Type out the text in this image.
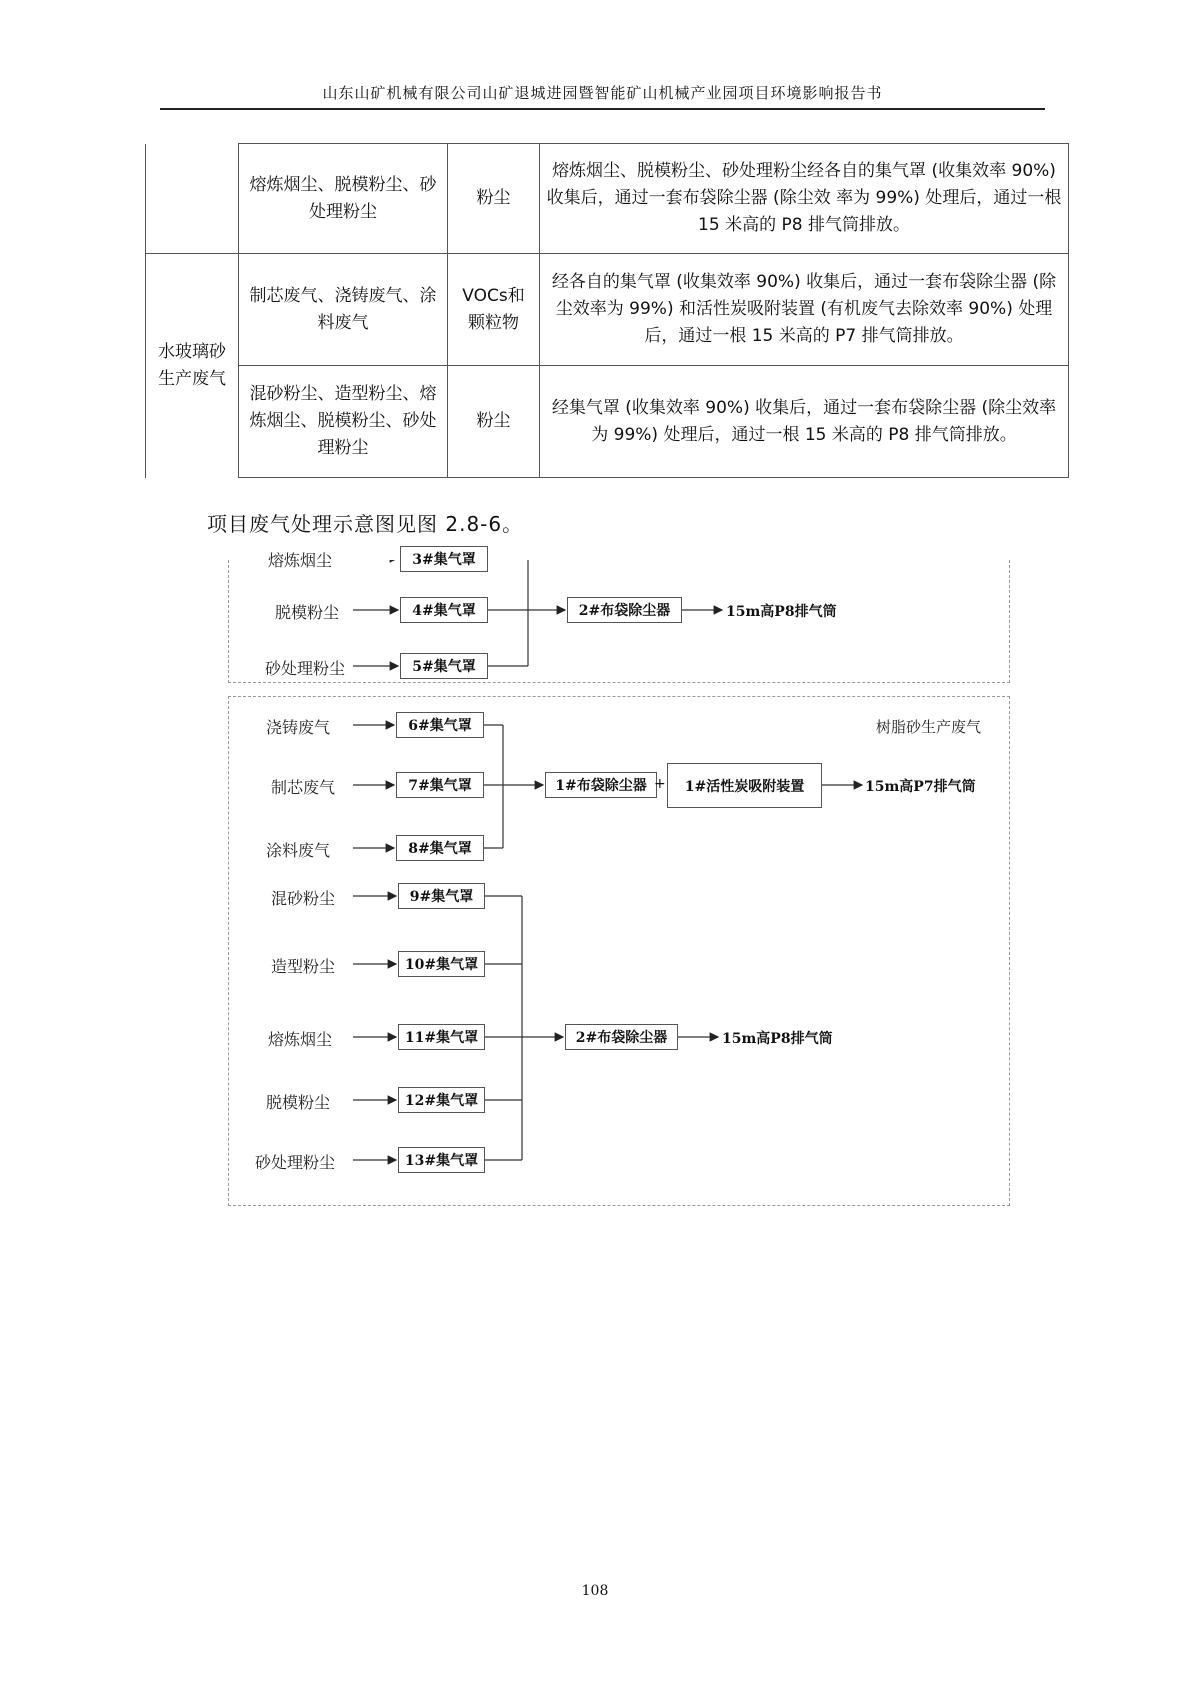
山东山矿机械有限公司山矿退城进园暨智能矿山机械产业园项目环境影响报告书
	熔炼烟尘、脱模粉尘、砂处理粉尘	粉尘	熔炼烟尘、脱模粉尘、砂处理粉尘经各自的集气罩 (收集效率 90%) 收集后，通过一套布袋除尘器 (除尘效 率为 99%) 处理后，通过一根 15 米高的 P8 排气筒排放。
水玻璃砂生产废气	制芯废气、浇铸废气、涂料废气	VOCs和颗粒物	经各自的集气罩 (收集效率 90%) 收集后，通过一套布袋除尘器 (除尘效率为 99%) 和活性炭吸附装置 (有机废气去除效率 90%) 处理后，通过一根 15 米高的 P7 排气筒排放。
	混砂粉尘、造型粉尘、熔炼烟尘、脱模粉尘、砂处理粉尘	粉尘	经集气罩 (收集效率 90%) 收集后，通过一套布袋除尘器 (除尘效率为 99%) 处理后，通过一根 15 米高的 P8 排气筒排放。
项目废气处理示意图见图 2.8-6。
熔炼烟尘
脱模粉尘
砂处理粉尘
3#集气罩
4#集气罩
5#集气罩
2#布袋除尘器	15m高P8排气筒
树脂砂生产废气
浇铸废气
制芯废气
涂料废气
6#集气罩
7#集气罩
8#集气罩
1#布袋除尘器 +	1#活性炭吸附装置	15m高P7排气筒
混砂粉尘
造型粉尘
熔炼烟尘
脱模粉尘
砂处理粉尘
9#集气罩
10#集气罩
11#集气罩
12#集气罩
13#集气罩
2#布袋除尘器	15m高P8排气筒
108
